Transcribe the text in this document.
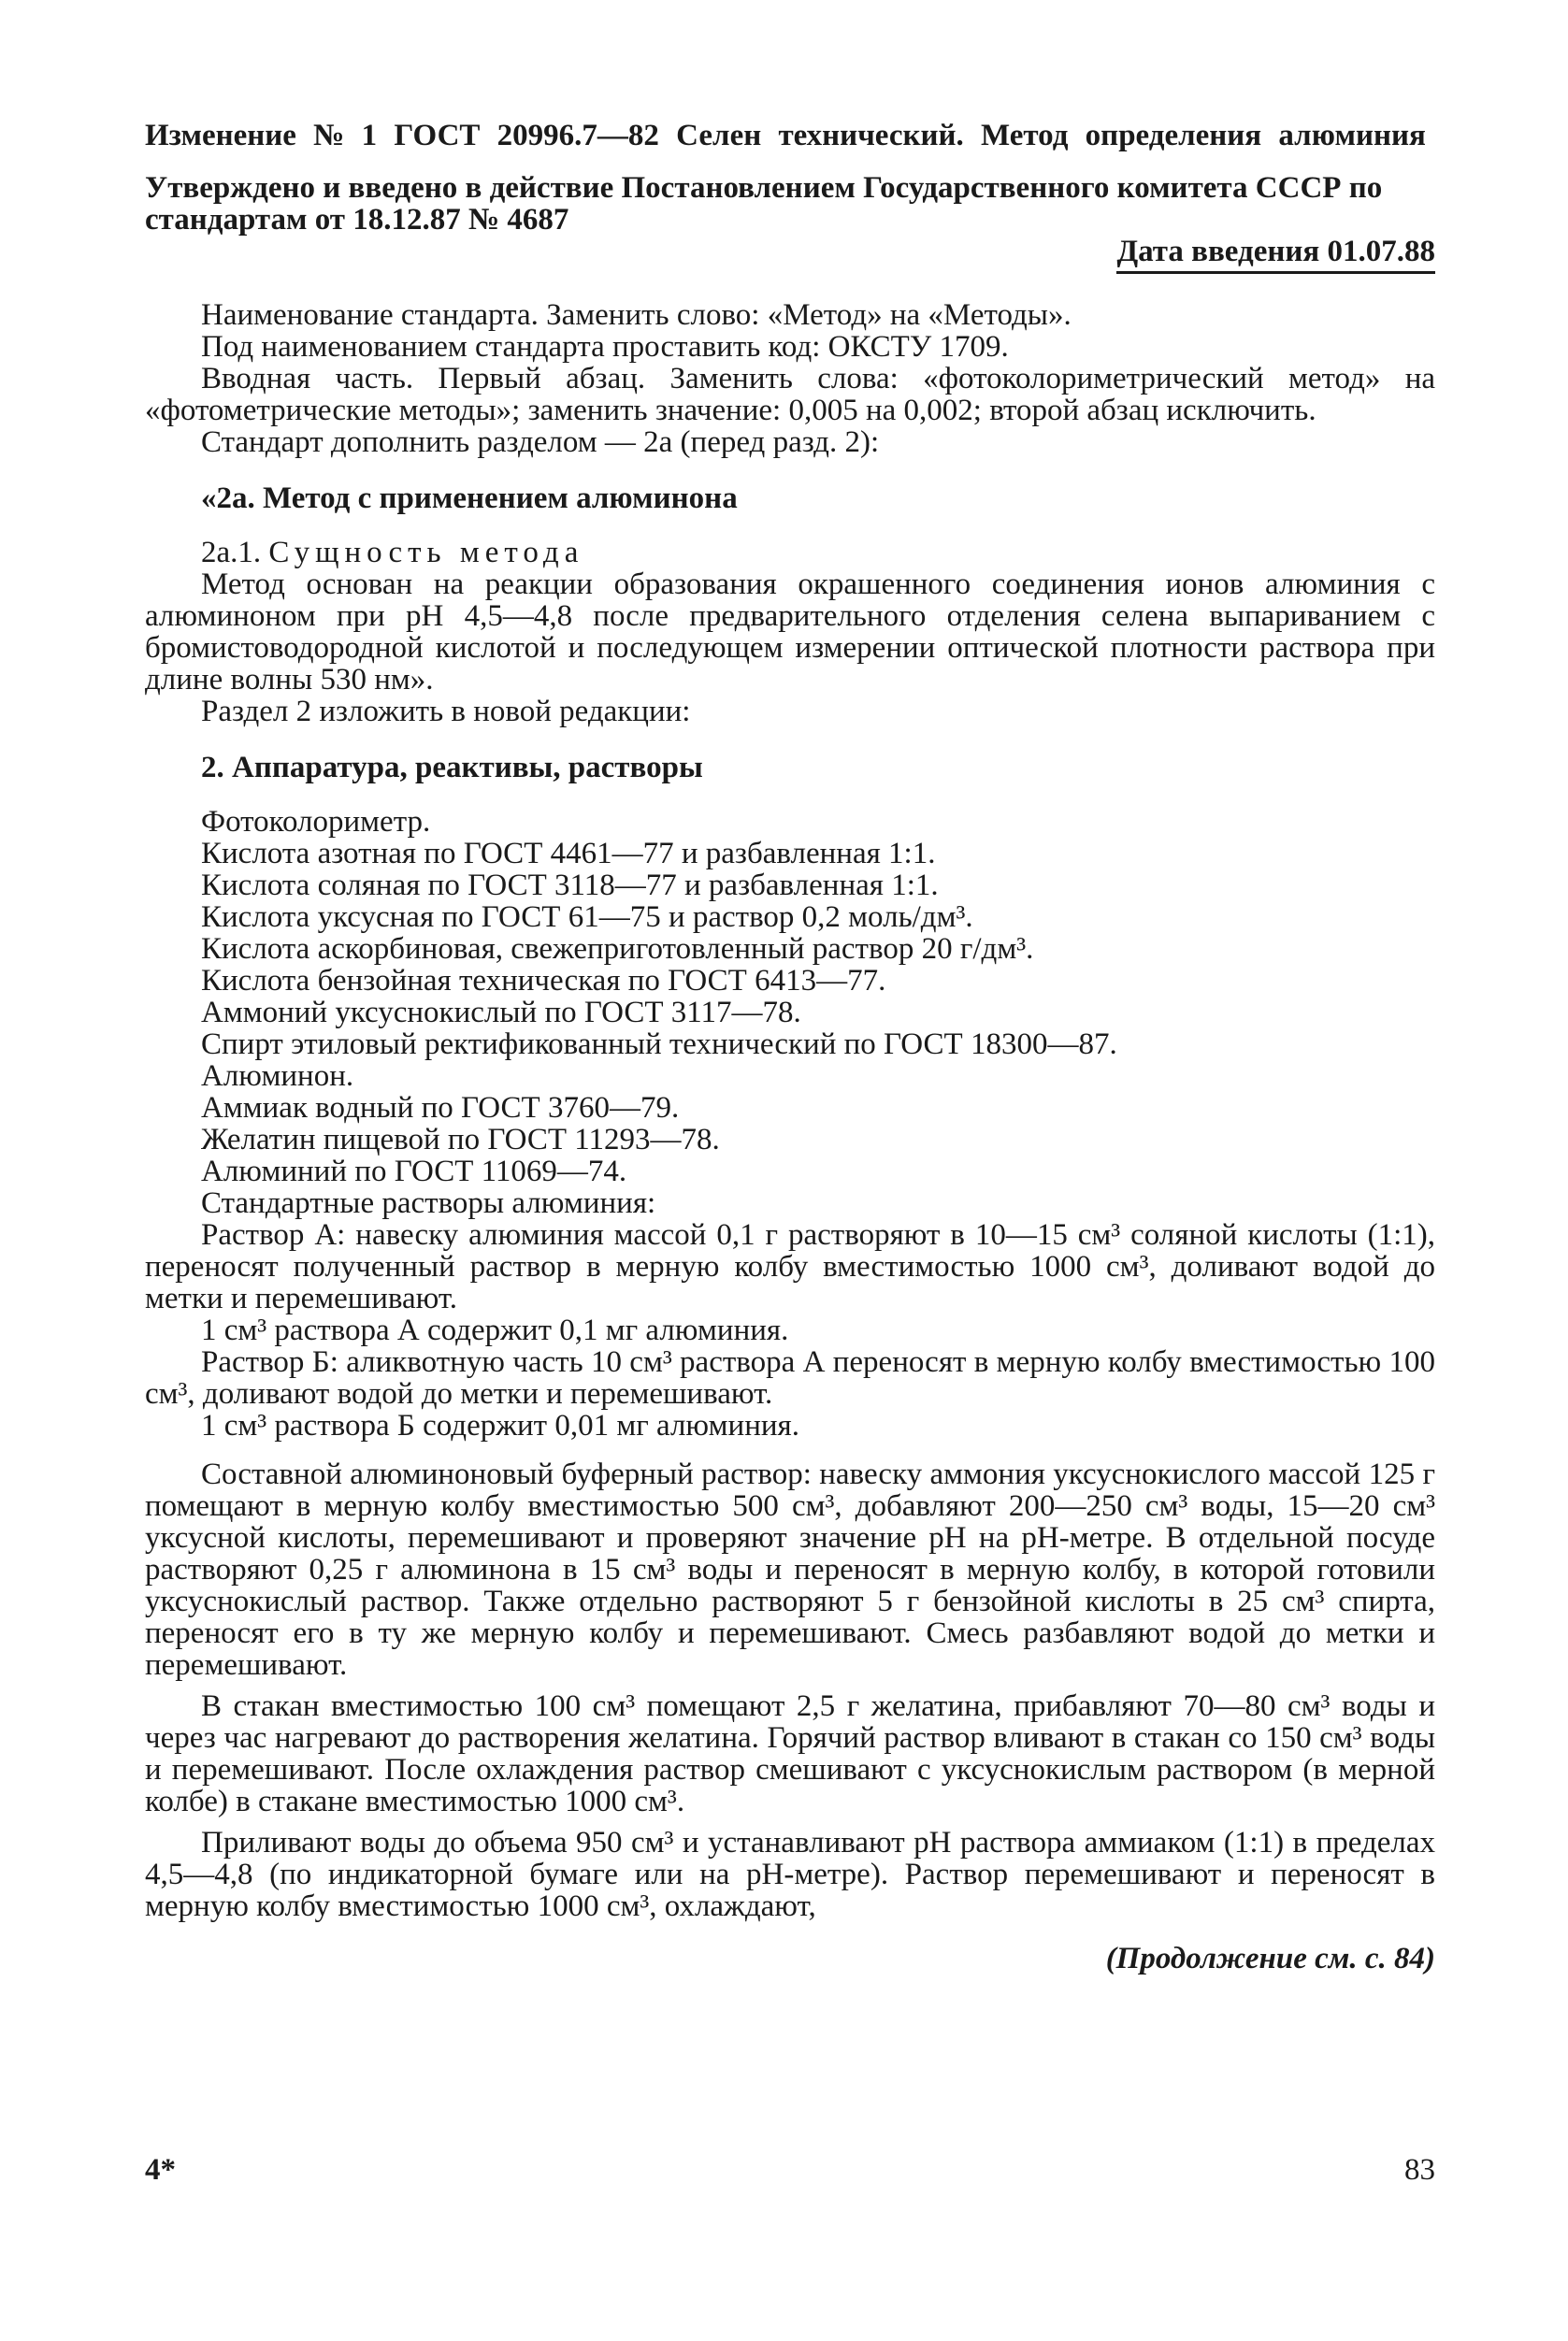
Изменение № 1 ГОСТ 20996.7—82 Селен технический. Метод определения алюминия

Утверждено и введено в действие Постановлением Государственного комитета СССР по стандартам от 18.12.87 № 4687

Дата введения 01.07.88

Наименование стандарта. Заменить слово: «Метод» на «Методы».

Под наименованием стандарта проставить код: ОКСТУ 1709.

Вводная часть. Первый абзац. Заменить слова: «фотоколориметрический метод» на «фотометрические методы»; заменить значение: 0,005 на 0,002; второй абзац исключить.

Стандарт дополнить разделом — 2а (перед разд. 2):

«2а. Метод с применением алюминона

2а.1. Сущность метода

Метод основан на реакции образования окрашенного соединения ионов алюминия с алюминоном при pH 4,5—4,8 после предварительного отделения селена выпариванием с бромистоводородной кислотой и последующем измерении оптической плотности раствора при длине волны 530 нм».

Раздел 2 изложить в новой редакции:

2. Аппаратура, реактивы, растворы

Фотоколориметр.

Кислота азотная по ГОСТ 4461—77 и разбавленная 1:1.

Кислота соляная по ГОСТ 3118—77 и разбавленная 1:1.

Кислота уксусная по ГОСТ 61—75 и раствор 0,2 моль/дм³.

Кислота аскорбиновая, свежеприготовленный раствор 20 г/дм³.

Кислота бензойная техническая по ГОСТ 6413—77.

Аммоний уксуснокислый по ГОСТ 3117—78.

Спирт этиловый ректификованный технический по ГОСТ 18300—87.

Алюминон.

Аммиак водный по ГОСТ 3760—79.

Желатин пищевой по ГОСТ 11293—78.

Алюминий по ГОСТ 11069—74.

Стандартные растворы алюминия:

Раствор А: навеску алюминия массой 0,1 г растворяют в 10—15 см³ соляной кислоты (1:1), переносят полученный раствор в мерную колбу вместимостью 1000 см³, доливают водой до метки и перемешивают.

1 см³ раствора А содержит 0,1 мг алюминия.

Раствор Б: аликвотную часть 10 см³ раствора А переносят в мерную колбу вместимостью 100 см³, доливают водой до метки и перемешивают.

1 см³ раствора Б содержит 0,01 мг алюминия.

Составной алюминоновый буферный раствор: навеску аммония уксуснокислого массой 125 г помещают в мерную колбу вместимостью 500 см³, добавляют 200—250 см³ воды, 15—20 см³ уксусной кислоты, перемешивают и проверяют значение pH на pH-метре. В отдельной посуде растворяют 0,25 г алюминона в 15 см³ воды и переносят в мерную колбу, в которой готовили уксуснокислый раствор. Также отдельно растворяют 5 г бензойной кислоты в 25 см³ спирта, переносят его в ту же мерную колбу и перемешивают. Смесь разбавляют водой до метки и перемешивают.

В стакан вместимостью 100 см³ помещают 2,5 г желатина, прибавляют 70—80 см³ воды и через час нагревают до растворения желатина. Горячий раствор вливают в стакан со 150 см³ воды и перемешивают. После охлаждения раствор смешивают с уксуснокислым раствором (в мерной колбе) в стакане вместимостью 1000 см³.

Приливают воды до объема 950 см³ и устанавливают pH раствора аммиаком (1:1) в пределах 4,5—4,8 (по индикаторной бумаге или на pH-метре). Раствор перемешивают и переносят в мерную колбу вместимостью 1000 см³, охлаждают,

(Продолжение см. с. 84)

4*	83
